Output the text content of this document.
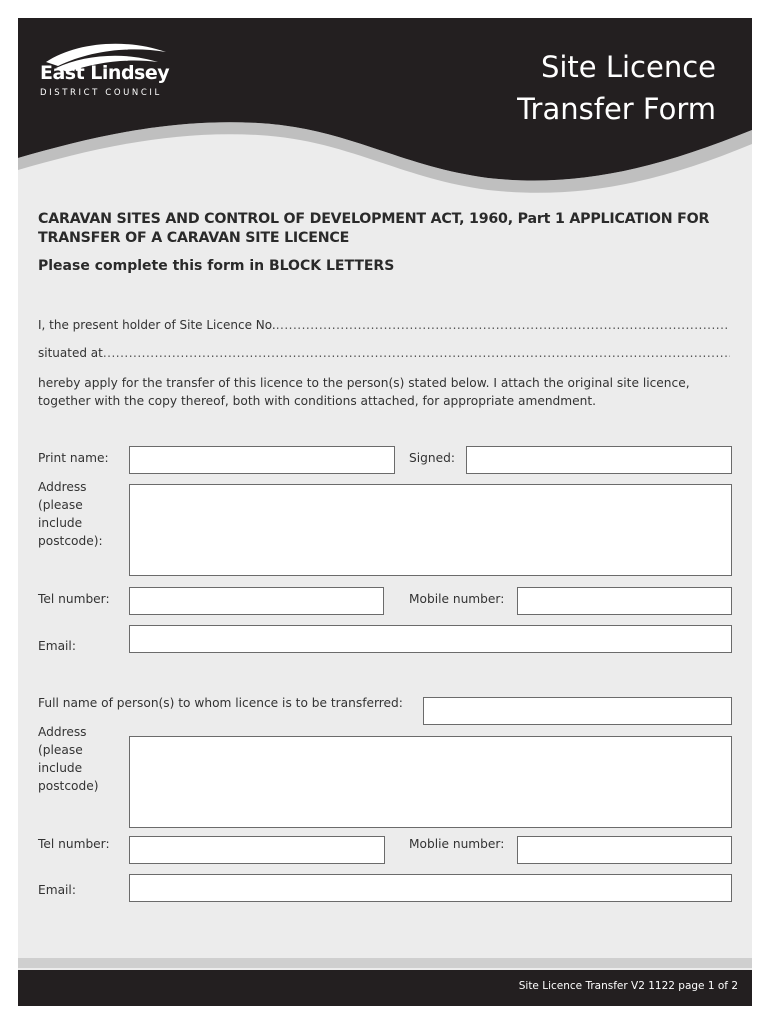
East Lindsey
DISTRICT COUNCIL
Site Licence
Transfer Form
CARAVAN SITES AND CONTROL OF DEVELOPMENT ACT, 1960, Part 1 APPLICATION FOR TRANSFER OF A CARAVAN SITE LICENCE
Please complete this form in BLOCK LETTERS
I, the present holder of Site Licence No.
.....
situated at
.....
hereby apply for the transfer of this licence to the person(s) stated below. I attach the original site licence, together with the copy thereof, both with conditions attached, for appropriate amendment.
Print name:	Signed:
Address (please include postcode):
Tel number:	Mobile number:
Email:
Full name of person(s) to whom licence is to be transferred:
Address (please include postcode)
Tel number:	Moblie number:
Email:
Site Licence Transfer V2 1122 page 1 of 2
